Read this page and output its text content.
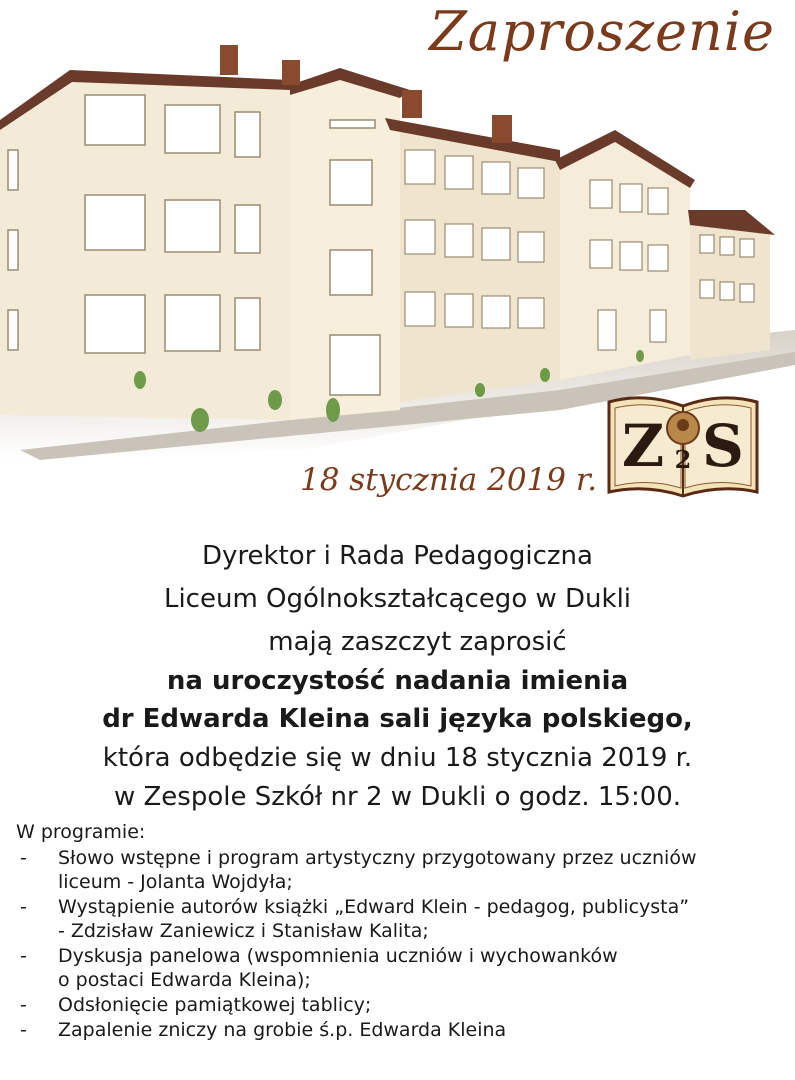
Zaproszenie
18 stycznia 2019 r. Z S
2
Dyrektor i Rada Pedagogiczna
Liceum Ogólnokształcącego w Dukli
mają zaszczyt zaprosić
na uroczystość nadania imienia
dr Edwarda Kleina sali języka polskiego,
która odbędzie się w dniu 18 stycznia 2019 r.
w Zespole Szkół nr 2 w Dukli o godz. 15:00.
W programie:
- Słowo wstępne i program artystyczny przygotowany przez uczniów
liceum - Jolanta Wojdyła;
- Wystąpienie autorów książki „Edward Klein - pedagog, publicysta”
- Zdzisław Zaniewicz i Stanisław Kalita;
- Dyskusja panelowa (wspomnienia uczniów i wychowanków
o postaci Edwarda Kleina);
- Odsłonięcie pamiątkowej tablicy;
- Zapalenie zniczy na grobie ś.p. Edwarda Kleina
